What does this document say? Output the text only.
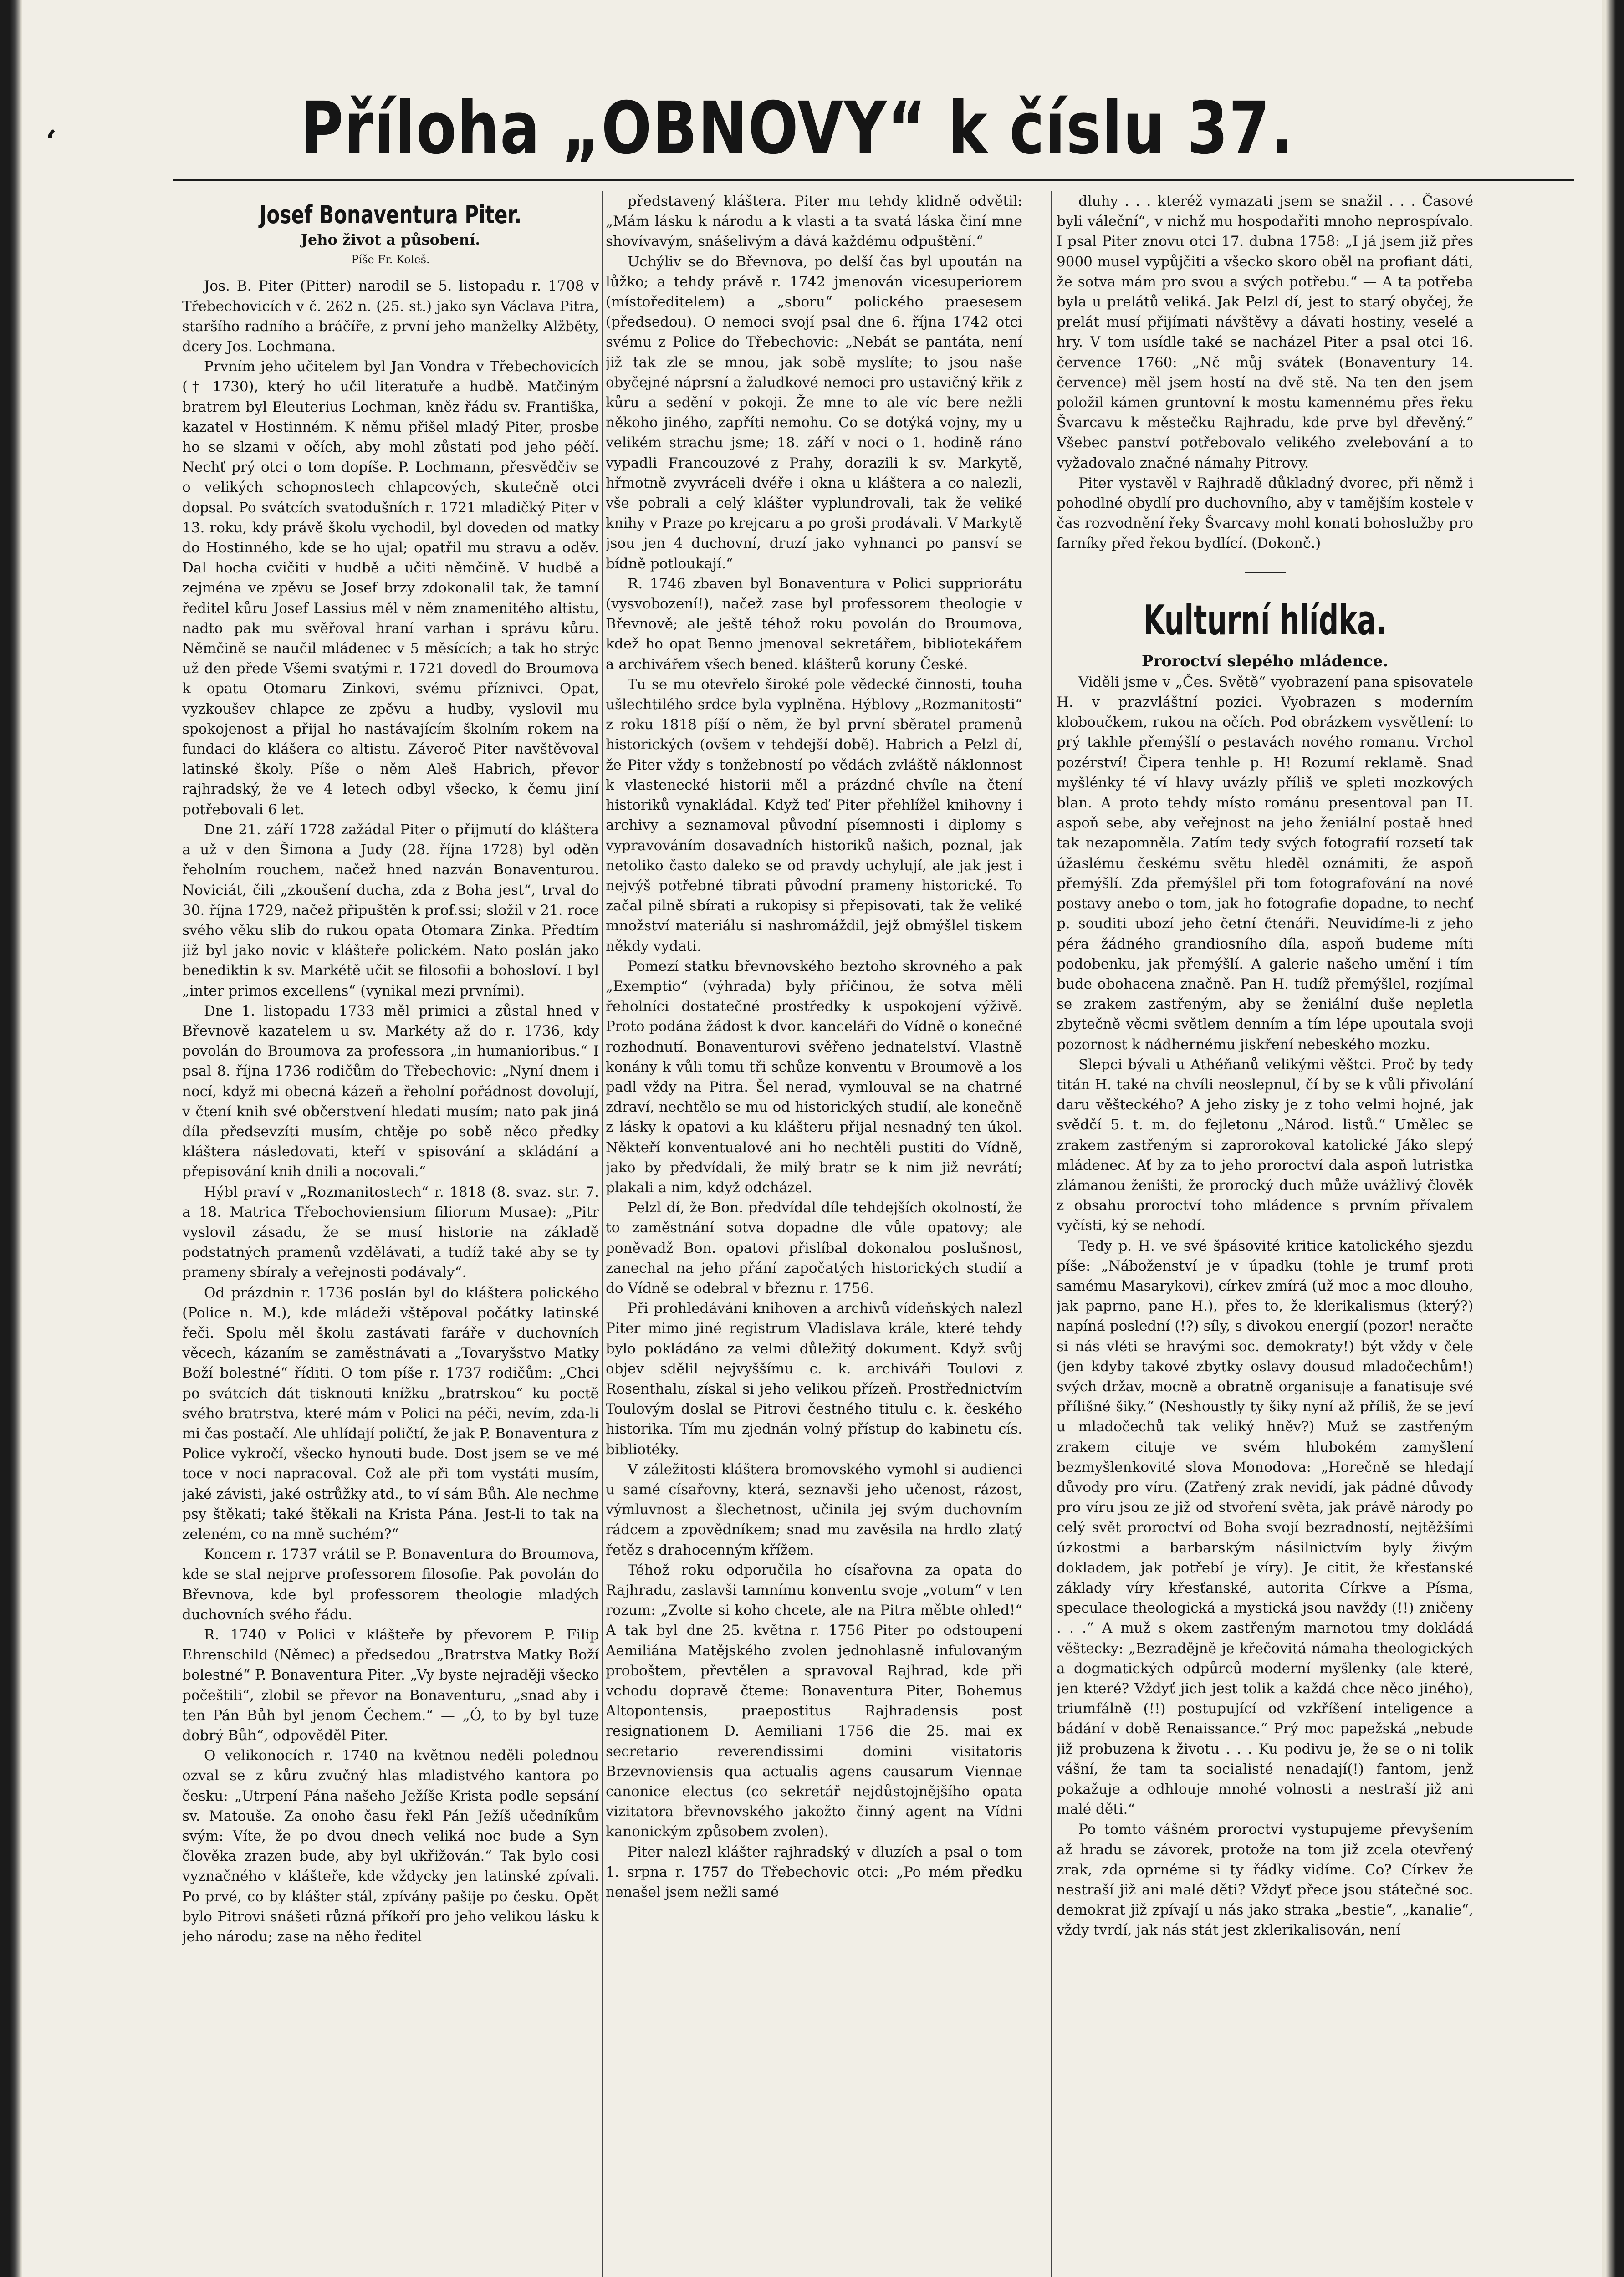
ʻ	Příloha „OBNOVY“ k číslu 37.

Josef Bonaventura Piter.

Jeho život a působení.

Píše Fr. Koleš.

Jos. B. Piter (Pitter) narodil se 5. listopadu r. 1708 v Třebechovicích v č. 262 n. (25. st.) jako syn Václava Pitra, staršího radního a bráčíře, z první jeho manželky Alžběty, dcery Jos. Lochmana.

Prvním jeho učitelem byl Jan Vondra v Třebechovicích († 1730), který ho učil literatuře a hudbě. Matčiným bratrem byl Eleuterius Lochman, kněz řádu sv. Františka, kazatel v Hostinném. K němu přišel mladý Piter, prosbe ho se slzami v očích, aby mohl zůstati pod jeho péčí. Nechť prý otci o tom dopíše. P. Lochmann, přesvědčiv se o velikých schopnostech chlapcových, skutečně otci dopsal. Po svátcích svatodušních r. 1721 mladičký Piter v 13. roku, kdy právě školu vychodil, byl doveden od matky do Hostinného, kde se ho ujal; opatřil mu stravu a oděv. Dal hocha cvičiti v hudbě a učiti němčině. V hudbě a zejména ve zpěvu se Josef brzy zdokonalil tak, že tamní ředitel kůru Josef Lassius měl v něm znamenitého altistu, nadto pak mu svěřoval hraní varhan i správu kůru. Němčině se naučil mládenec v 5 měsících; a tak ho strýc už den přede Všemi svatými r. 1721 dovedl do Broumova k opatu Otomaru Zinkovi, svému příznivci. Opat, vyzkoušev chlapce ze zpěvu a hudby, vyslovil mu spokojenost a přijal ho nastávajícím školním rokem na fundaci do klášera co altistu. Záveroč Piter navštěvoval latinské školy. Píše o něm Aleš Habrich, převor rajhradský, že ve 4 letech odbyl všecko, k čemu jiní potřebovali 6 let.

Dne 21. září 1728 zažádal Piter o přijmutí do kláštera a už v den Šimona a Judy (28. října 1728) byl oděn řeholním rouchem, načež hned nazván Bonaventurou. Noviciát, čili „zkoušení ducha, zda z Boha jest“, trval do 30. října 1729, načež připuštěn k prof.ssi; složil v 21. roce svého věku slib do rukou opata Otomara Zinka. Předtím již byl jako novic v klášteře polickém. Nato poslán jako benediktin k sv. Markétě učit se filosofii a bohosloví. I byl „inter primos excellens“ (vynikal mezi prvními).

Dne 1. listopadu 1733 měl primici a zůstal hned v Břevnově kazatelem u sv. Markéty až do r. 1736, kdy povolán do Broumova za professora „in humanioribus.“ I psal 8. října 1736 rodičům do Třebechovic: „Nyní dnem i nocí, když mi obecná kázeň a řeholní pořádnost dovolují, v čtení knih své občerstvení hledati musím; nato pak jiná díla předsevzíti musím, chtěje po sobě něco předky kláštera následovati, kteří v spisování a skládání a přepisování knih dnili a nocovali.“

Hýbl praví v „Rozmanitostech“ r. 1818 (8. svaz. str. 7. a 18. Matrica Třebochoviensium filiorum Musae): „Pitr vyslovil zásadu, že se musí historie na základě podstatných pramenů vzdělávati, a tudíž také aby se ty prameny sbíraly a veřejnosti podávaly“.

Od prázdnin r. 1736 poslán byl do kláštera polického (Police n. M.), kde mládeži vštěpoval počátky latinské řeči. Spolu měl školu zastávati faráře v duchovních věcech, kázaním se zaměstnávati a „Tovaryšstvo Matky Boží bolestné“ říditi. O tom píše r. 1737 rodičům: „Chci po svátcích dát tisknouti knížku „bratrskou“ ku poctě svého bratrstva, které mám v Polici na péči, nevím, zda-li mi čas postačí. Ale uhlídají poličtí, že jak P. Bonaventura z Police vykročí, všecko hynouti bude. Dost jsem se ve mé toce v noci napracoval. Což ale při tom vystáti musím, jaké závisti, jaké ostrůžky atd., to ví sám Bůh. Ale nechme psy štěkati; také štěkali na Krista Pána. Jest-li to tak na zeleném, co na mně suchém?“

Koncem r. 1737 vrátil se P. Bonaventura do Broumova, kde se stal nejprve professorem filosofie. Pak povolán do Břevnova, kde byl professorem theologie mladých duchovních svého řádu.

R. 1740 v Polici v klášteře by převorem P. Filip Ehrenschild (Němec) a předsedou „Bratrstva Matky Boží bolestné“ P. Bonaventura Piter. „Vy byste nejraději všecko počeštili“, zlobil se převor na Bonaventuru, „snad aby i ten Pán Bůh byl jenom Čechem.“ — „Ó, to by byl tuze dobrý Bůh“, odpověděl Piter.

O velikonocích r. 1740 na květnou neděli polednou ozval se z kůru zvučný hlas mladistvého kantora po česku: „Utrpení Pána našeho Ježíše Krista podle sepsání sv. Matouše. Za onoho času řekl Pán Ježíš učedníkům svým: Víte, že po dvou dnech veliká noc bude a Syn člověka zrazen bude, aby byl ukřižován.“ Tak bylo cosi vyznačného v klášteře, kde vždycky jen latinské zpívali. Po prvé, co by klášter stál, zpívány pašije po česku. Opět bylo Pitrovi snášeti různá příkoří pro jeho velikou lásku k jeho národu; zase na něho ředitel

představený kláštera. Piter mu tehdy klidně odvětil: „Mám lásku k národu a k vlasti a ta svatá láska činí mne shovívavým, snášelivým a dává každému odpuštění.“

Uchýliv se do Břevnova, po delší čas byl upoután na lůžko; a tehdy právě r. 1742 jmenován vicesuperiorem (místoředitelem) a „sboru“ polického praesesem (předsedou). O nemoci svojí psal dne 6. října 1742 otci svému z Police do Třebechovic: „Nebát se pantáta, není již tak zle se mnou, jak sobě myslíte; to jsou naše obyčejné náprsní a žaludkové nemoci pro ustavičný křik z kůru a sedění v pokoji. Že mne to ale víc bere nežli někoho jiného, zapříti nemohu. Co se dotýká vojny, my u velikém strachu jsme; 18. září v noci o 1. hodině ráno vypadli Francouzové z Prahy, dorazili k sv. Markytě, hřmotně zvyvráceli dvéře i okna u kláštera a co nalezli, vše pobrali a celý klášter vyplundrovali, tak že veliké knihy v Praze po krejcaru a po groši prodávali. V Markytě jsou jen 4 duchovní, druzí jako vyhnanci po pansví se bídně potloukají.“

R. 1746 zbaven byl Bonaventura v Polici suppriorátu (vysvobození!), načež zase byl professorem theologie v Břevnově; ale ještě téhož roku povolán do Broumova, kdež ho opat Benno jmenoval sekretářem, bibliotekářem a archivářem všech bened. klášterů koruny České.

Tu se mu otevřelo široké pole vědecké činnosti, touha ušlechtilého srdce byla vyplněna. Hýblovy „Rozmanitosti“ z roku 1818 píší o něm, že byl první sběratel pramenů historických (ovšem v tehdejší době). Habrich a Pelzl dí, že Piter vždy s tonžebností po vědách zvláště náklonnost k vlastenecké historii měl a prázdné chvíle na čtení historiků vynakládal. Když teď Piter přehlížel knihovny i archivy a seznamoval původní písemnosti i diplomy s vypravováním dosavadních historiků našich, poznal, jak netoliko často daleko se od pravdy uchylují, ale jak jest i nejvýš potřebné tibrati původní prameny historické. To začal pilně sbírati a rukopisy si přepisovati, tak že veliké množství materiálu si nashromáždil, jejž obmýšlel tiskem někdy vydati.

Pomezí statku břevnovského beztoho skrovného a pak „Exemptio“ (výhrada) byly příčinou, že sotva měli řeholníci dostatečné prostředky k uspokojení výživě. Proto podána žádost k dvor. kanceláři do Vídně o konečné rozhodnutí. Bonaventurovi svěřeno jednatelství. Vlastně konány k vůli tomu tři schůze konventu v Broumově a los padl vždy na Pitra. Šel nerad, vymlouval se na chatrné zdraví, nechtělo se mu od historických studií, ale konečně z lásky k opatovi a ku klášteru přijal nesnadný ten úkol. Někteří konventualové ani ho nechtěli pustiti do Vídně, jako by předvídali, že milý bratr se k nim již nevrátí; plakali a nim, když odcházel.

Pelzl dí, že Bon. předvídal díle tehdejších okolností, že to zaměstnání sotva dopadne dle vůle opatovy; ale poněvadž Bon. opatovi přislíbal dokonalou poslušnost, zanechal na jeho přání započatých historických studií a do Vídně se odebral v březnu r. 1756.

Při prohledávání knihoven a archivů vídeňských nalezl Piter mimo jiné registrum Vladislava krále, které tehdy bylo pokládáno za velmi důležitý dokument. Když svůj objev sdělil nejvyššímu c. k. archiváři Toulovi z Rosenthalu, získal si jeho velikou přízeň. Prostřednictvím Toulovým doslal se Pitrovi čestného titulu c. k. českého historika. Tím mu zjednán volný přístup do kabinetu cís. bibliotéky.

V záležitosti kláštera bromovského vymohl si audienci u samé císařovny, která, seznavši jeho učenost, rázost, výmluvnost a šlechetnost, učinila jej svým duchovním rádcem a zpovědníkem; snad mu zavěsila na hrdlo zlatý řetěz s drahocenným křížem.

Téhož roku odporučila ho císařovna za opata do Rajhradu, zaslavši tamnímu konventu svoje „votum“ v ten rozum: „Zvolte si koho chcete, ale na Pitra měbte ohled!“ A tak byl dne 25. května r. 1756 Piter po odstoupení Aemiliána Matějského zvolen jednohlasně infulovaným proboštem, převtělen a spravoval Rajhrad, kde při vchodu dopravě čteme: Bonaventura Piter, Bohemus Altopontensis, praepostitus Rajhradensis post resignationem D. Aemiliani 1756 die 25. mai ex secretario reverendissimi domini visitatoris Brzevnoviensis qua actualis agens causarum Viennae canonice electus (co sekretář nejdůstojnějšího opata vizitatora břevnovského jakožto činný agent na Vídni kanonickým způsobem zvolen).

Piter nalezl klášter rajhradský v dluzích a psal o tom 1. srpna r. 1757 do Třebechovic otci: „Po mém předku nenašel jsem nežli samé

dluhy . . . kteréž vymazati jsem se snažil . . . Časové byli váleční“, v nichž mu hospodařiti mnoho neprospívalo. I psal Piter znovu otci 17. dubna 1758: „I já jsem již přes 9000 musel vypůjčiti a všecko skoro oběl na profiant dáti, že sotva mám pro svou a svých potřebu.“ — A ta potřeba byla u prelátů veliká. Jak Pelzl dí, jest to starý obyčej, že prelát musí přijímati návštěvy a dávati hostiny, veselé a hry. V tom usídle také se nacházel Piter a psal otci 16. července 1760: „Nč můj svátek (Bonaventury 14. července) měl jsem hostí na dvě stě. Na ten den jsem položil kámen gruntovní k mostu kamennému přes řeku Švarcavu k městečku Rajhradu, kde prve byl dřevěný.“ Všebec panství potřebovalo velikého zvelebování a to vyžadovalo značné námahy Pitrovy.

Piter vystavěl v Rajhradě důkladný dvorec, při němž i pohodlné obydlí pro duchovního, aby v tamějším kostele v čas rozvodnění řeky Švarcavy mohl konati bohoslužby pro farníky před řekou bydlící. (Dokonč.)

Kulturní hlídka.

Proroctví slepého mládence.

Viděli jsme v „Čes. Světě“ vyobrazení pana spisovatele H. v prazvláštní pozici. Vyobrazen s moderním kloboučkem, rukou na očích. Pod obrázkem vysvětlení: to prý takhle přemýšlí o pestavách nového romanu. Vrchol pozérství! Čipera tenhle p. H! Rozumí reklamě. Snad myšlénky té ví hlavy uvázly příliš ve spleti mozkových blan. A proto tehdy místo románu presentoval pan H. aspoň sebe, aby veřejnost na jeho ženiální postaě hned tak nezapomněla. Zatím tedy svých fotografií rozsetí tak úžaslému českému světu hleděl oznámiti, že aspoň přemýšlí. Zda přemýšlel při tom fotografování na nové postavy anebo o tom, jak ho fotografie dopadne, to nechť p. souditi ubozí jeho četní čtenáři. Neuvidíme-li z jeho péra žádného grandiosního díla, aspoň budeme míti podobenku, jak přemýšlí. A galerie našeho umění i tím bude obohacena značně. Pan H. tudíž přemýšlel, rozjímal se zrakem zastřeným, aby se ženiální duše nepletla zbytečně věcmi světlem denním a tím lépe upoutala svoji pozornost k nádhernému jiskření nebeského mozku.

Slepci bývali u Athéňanů velikými věštci. Proč by tedy titán H. také na chvíli neoslepnul, čí by se k vůli přivolání daru věšteckého? A jeho zisky je z toho velmi hojné, jak svědčí 5. t. m. do fejletonu „Národ. listů.“ Umělec se zrakem zastřeným si zaprorokoval katolické Jáko slepý mládenec. Ať by za to jeho proroctví dala aspoň lutristka zlámanou ženišti, že prorocký duch může uvážlivý člověk z obsahu proroctví toho mládence s prvním přívalem vyčísti, ký se nehodí.

Tedy p. H. ve své špásovité kritice katolického sjezdu píše: „Náboženství je v úpadku (tohle je trumf proti samému Masarykovi), církev zmírá (už moc a moc dlouho, jak paprno, pane H.), přes to, že klerikalismus (který?) napíná poslední (!?) síly, s divokou energií (pozor! neračte si nás vléti se hravými soc. demokraty!) být vždy v čele (jen kdyby takové zbytky oslavy dousud mladočechům!) svých držav, mocně a obratně organisuje a fanatisuje své přílišné šiky.“ (Neshoustly ty šiky nyní až příliš, že se jeví u mladočechů tak veliký hněv?) Muž se zastřeným zrakem cituje ve svém hlubokém zamyšlení bezmyšlenkovité slova Monodova: „Horečně se hledají důvody pro víru. (Zatřený zrak nevidí, jak pádné důvody pro víru jsou ze již od stvoření světa, jak právě národy po celý svět proroctví od Boha svojí bezradností, nejtěžšími úzkostmi a barbarským násilnictvím byly živým dokladem, jak potřebí je víry). Je citit, že křesťanské základy víry křesťanské, autorita Církve a Písma, speculace theologická a mystická jsou navždy (!!) zničeny . . .“ A muž s okem zastřeným marnotou tmy dokládá věštecky: „Bezradějně je křečovitá námaha theologických a dogmatických odpůrců moderní myšlenky (ale které, jen které? Vždyť jich jest tolik a každá chce něco jiného), triumfálně (!!) postupující od vzkříšení inteligence a bádání v době Renaissance.“ Prý moc papežská „nebude již probuzena k životu . . . Ku podivu je, že se o ni tolik vášní, že tam ta socialisté nenadají(!) fantom, jenž pokažuje a odhlouje mnohé volnosti a nestraší již ani malé děti.“

Po tomto vášném proroctví vystupujeme převyšením až hradu se závorek, protože na tom již zcela otevřený zrak, zda oprnéme si ty řádky vidíme. Co? Církev že nestraší již ani malé děti? Vždyť přece jsou státečné soc. demokrat již zpívají u nás jako straka „bestie“, „kanalie“, vždy tvrdí, jak nás stát jest zklerikalisován, není
